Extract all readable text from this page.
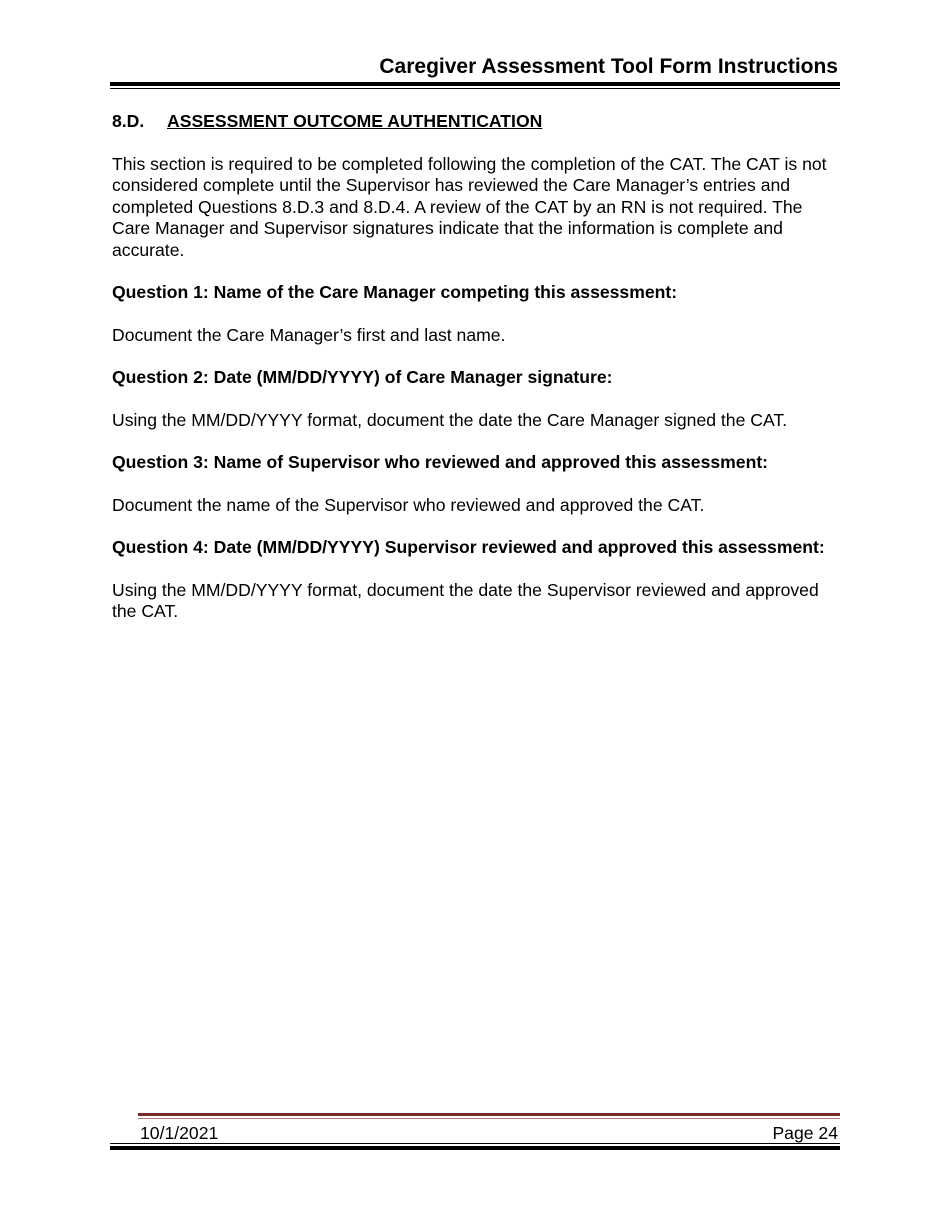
Caregiver Assessment Tool Form Instructions
8.D. ASSESSMENT OUTCOME AUTHENTICATION

This section is required to be completed following the completion of the CAT. The CAT is not considered complete until the Supervisor has reviewed the Care Manager’s entries and completed Questions 8.D.3 and 8.D.4. A review of the CAT by an RN is not required. The Care Manager and Supervisor signatures indicate that the information is complete and accurate.

Question 1: Name of the Care Manager competing this assessment:

Document the Care Manager’s first and last name.

Question 2: Date (MM/DD/YYYY) of Care Manager signature:

Using the MM/DD/YYYY format, document the date the Care Manager signed the CAT.

Question 3: Name of Supervisor who reviewed and approved this assessment:

Document the name of the Supervisor who reviewed and approved the CAT.

Question 4: Date (MM/DD/YYYY) Supervisor reviewed and approved this assessment:

Using the MM/DD/YYYY format, document the date the Supervisor reviewed and approved the CAT.

10/1/2021	Page 24
